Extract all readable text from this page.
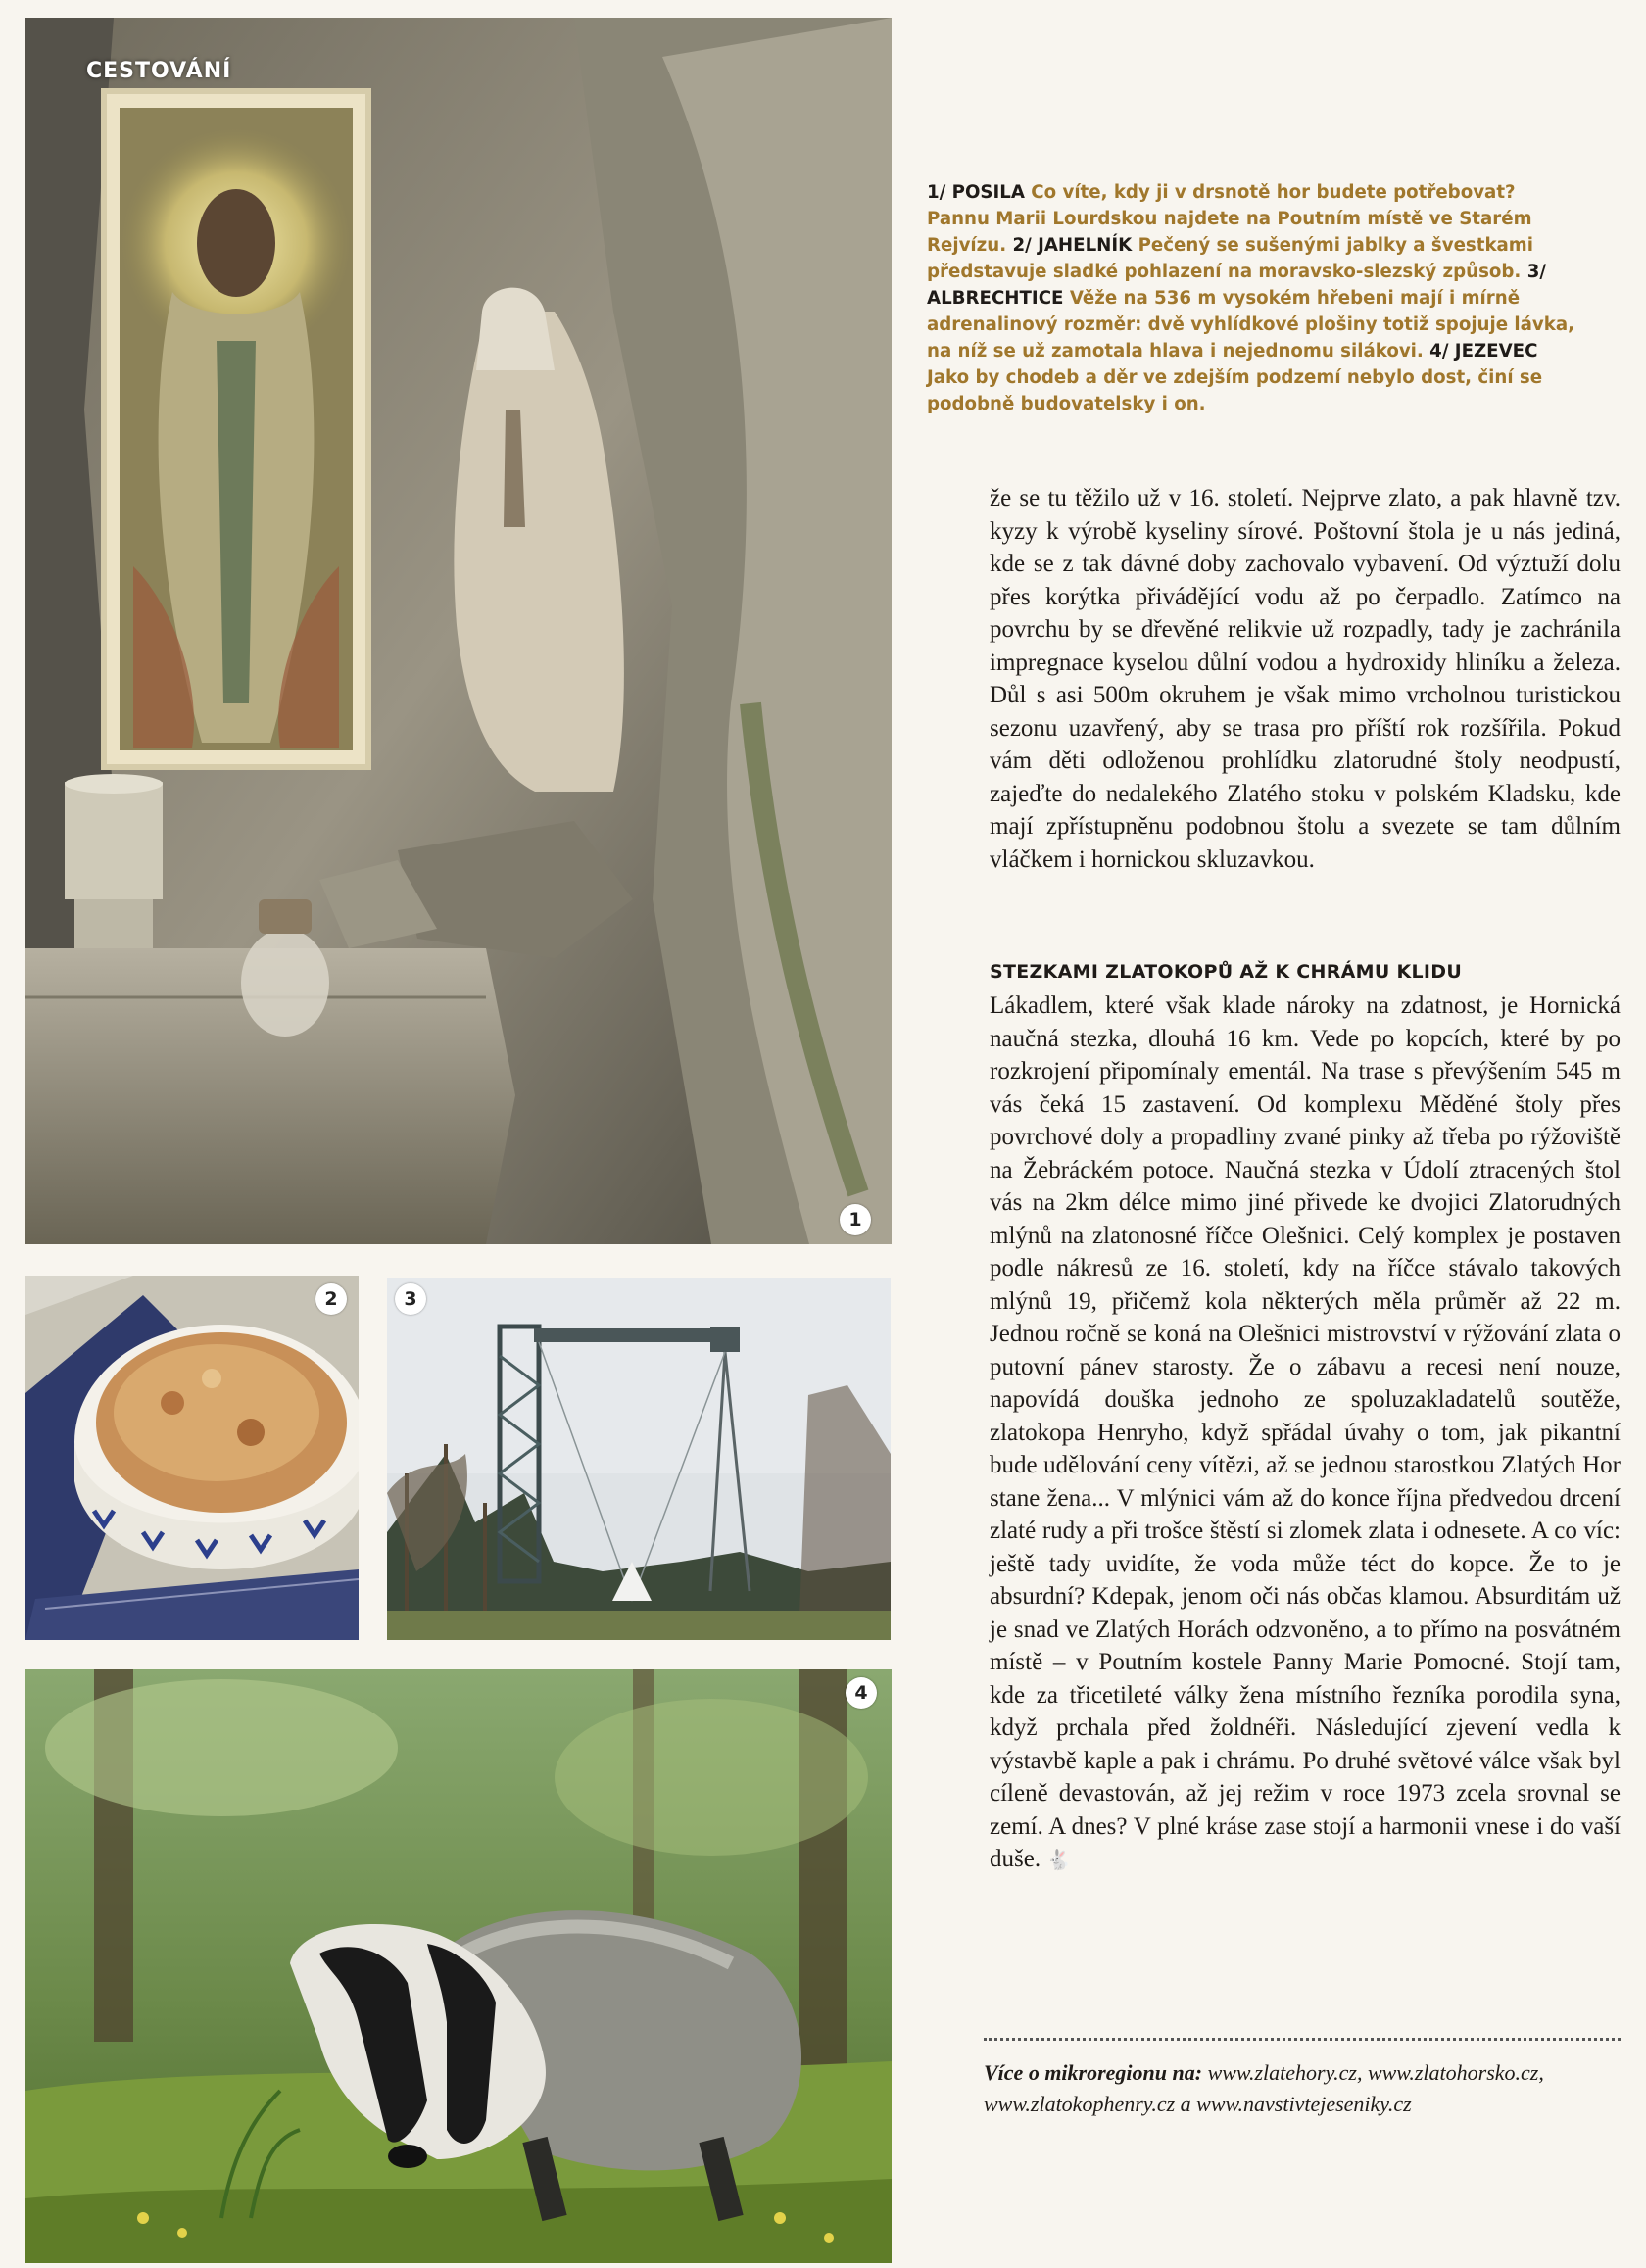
1
CESTOVÁNÍ
2	3
4
1/ POSILA Co víte, kdy ji v drsnotě hor budete potřebovat? Pannu Marii Lourdskou najdete na Poutním místě ve Starém Rejvízu. 2/ JAHELNÍK Pečený se sušenými jablky a švestkami představuje sladké pohlazení na moravsko-slezský způsob. 3/ ALBRECHTICE Věže na 536 m vysokém hřebeni mají i mírně adrenalinový rozměr: dvě vyhlídkové plošiny totiž spojuje lávka, na níž se už zamotala hlava i nejednomu silákovi. 4/ JEZEVEC Jako by chodeb a děr ve zdejším podzemí nebylo dost, činí se podobně budovatelsky i on.

že se tu těžilo už v 16. století. Nejprve zlato, a pak hlavně tzv. kyzy k výrobě kyseliny sírové. Poštovní štola je u nás jediná, kde se z tak dávné doby zachovalo vybavení. Od výztuží dolu přes korýtka přivádějící vodu až po čerpadlo. Zatímco na povrchu by se dřevěné relikvie už rozpadly, tady je zachránila impregnace kyselou důlní vodou a hydroxidy hliníku a železa. Důl s asi 500m okruhem je však mimo vrcholnou turistickou sezonu uzavřený, aby se trasa pro příští rok rozšířila. Pokud vám děti odloženou prohlídku zlatorudné štoly neodpustí, zajeďte do nedalekého Zlatého stoku v polském Kladsku, kde mají zpřístupněnu podobnou štolu a svezete se tam důlním vláčkem i hornickou skluzavkou.

STEZKAMI ZLATOKOPŮ AŽ K CHRÁMU KLIDU

Lákadlem, které však klade nároky na zdatnost, je Hornická naučná stezka, dlouhá 16 km. Vede po kopcích, které by po rozkrojení připomínaly ementál. Na trase s převýšením 545 m vás čeká 15 zastavení. Od komplexu Měděné štoly přes povrchové doly a propadliny zvané pinky až třeba po rýžoviště na Žebráckém potoce. Naučná stezka v Údolí ztracených štol vás na 2km délce mimo jiné přivede ke dvojici Zlatorudných mlýnů na zlatonosné říčce Olešnici. Celý komplex je postaven podle nákresů ze 16. století, kdy na říčce stávalo takových mlýnů 19, přičemž kola některých měla průměr až 22 m. Jednou ročně se koná na Olešnici mistrovství v rýžování zlata o putovní pánev starosty. Že o zábavu a recesi není nouze, napovídá douška jednoho ze spoluzakladatelů soutěže, zlatokopa Henryho, když spřádal úvahy o tom, jak pikantní bude udělování ceny vítězi, až se jednou starostkou Zlatých Hor stane žena... V mlýnici vám až do konce října předvedou drcení zlaté rudy a při trošce štěstí si zlomek zlata i odnesete. A co víc: ještě tady uvidíte, že voda může téct do kopce. Že to je absurdní? Kdepak, jenom oči nás občas klamou. Absurditám už je snad ve Zlatých Horách odzvoněno, a to přímo na posvátném místě – v Poutním kostele Panny Marie Pomocné. Stojí tam, kde za třicetileté války žena místního řezníka porodila syna, když prchala před žoldnéři. Následující zjevení vedla k výstavbě kaple a pak i chrámu. Po druhé světové válce však byl cíleně devastován, až jej režim v roce 1973 zcela srovnal se zemí. A dnes? V plné kráse zase stojí a harmonii vnese i do vaší duše. 🐇

Více o mikroregionu na: www.zlatehory.cz, www.zlatohorsko.cz, www.zlatokophenry.cz a www.navstivtejeseniky.cz
